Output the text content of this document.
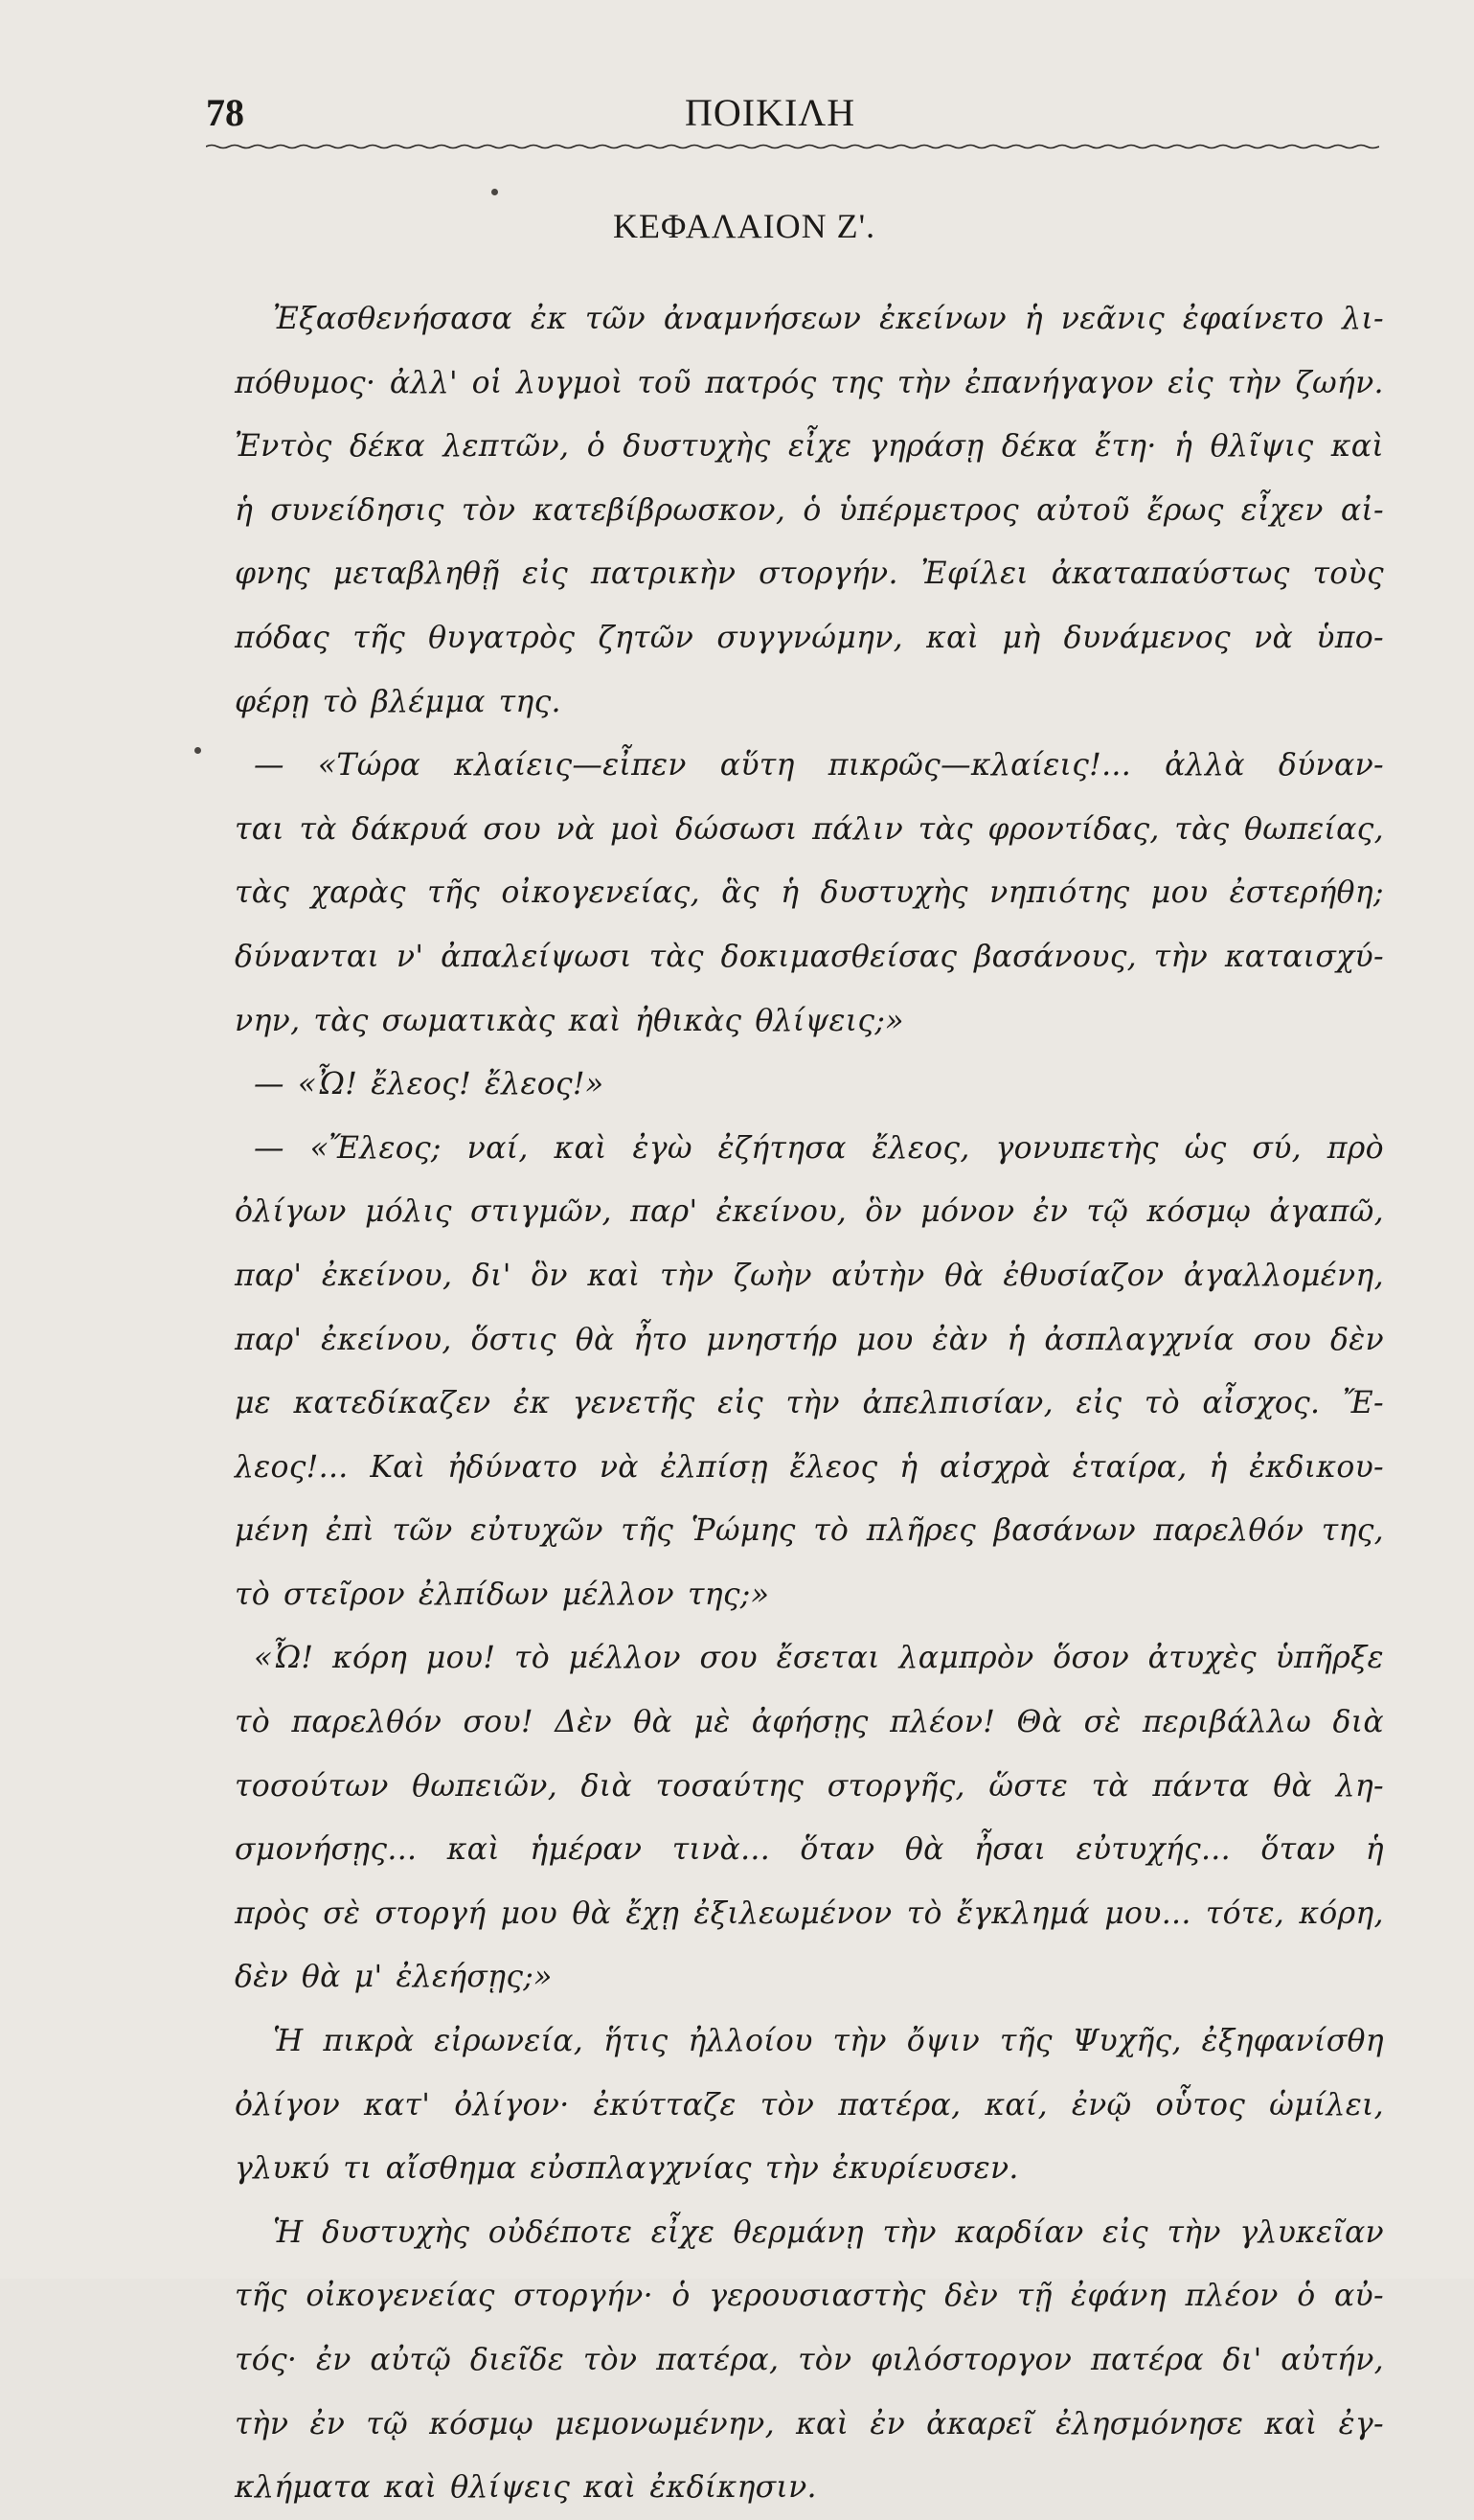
78	ΠΟΙΚΙΛΗ
ΚΕΦΑΛΑΙΟΝ Ζ'.
Ἐξασθενήσασα ἐκ τῶν ἀναμνήσεων ἐκείνων ἡ νεᾶνις ἐφαίνετο λι-
πόθυμος· ἀλλ' οἱ λυγμοὶ τοῦ πατρός της τὴν ἐπανήγαγον εἰς τὴν ζωήν.
Ἐντὸς δέκα λεπτῶν, ὁ δυστυχὴς εἶχε γηράσῃ δέκα ἔτη· ἡ θλῖψις καὶ
ἡ συνείδησις τὸν κατεβίβρωσκον, ὁ ὑπέρμετρος αὐτοῦ ἔρως εἶχεν αἰ-
φνης μεταβληθῇ εἰς πατρικὴν στοργήν. Ἐφίλει ἀκαταπαύστως τοὺς
πόδας τῆς θυγατρὸς ζητῶν συγγνώμην, καὶ μὴ δυνάμενος νὰ ὑπο-
φέρῃ τὸ βλέμμα της.
— «Τώρα κλαίεις—εἶπεν αὕτη πικρῶς—κλαίεις!... ἀλλὰ δύναν-
ται τὰ δάκρυά σου νὰ μοὶ δώσωσι πάλιν τὰς φροντίδας, τὰς θωπείας,
τὰς χαρὰς τῆς οἰκογενείας, ἃς ἡ δυστυχὴς νηπιότης μου ἐστερήθη;
δύνανται ν' ἀπαλείψωσι τὰς δοκιμασθείσας βασάνους, τὴν καταισχύ-
νην, τὰς σωματικὰς καὶ ἠθικὰς θλίψεις;»
— «Ὦ! ἔλεος! ἔλεος!»
— «Ἔλεος; ναί, καὶ ἐγὼ ἐζήτησα ἔλεος, γονυπετὴς ὡς σύ, πρὸ
ὀλίγων μόλις στιγμῶν, παρ' ἐκείνου, ὃν μόνον ἐν τῷ κόσμῳ ἀγαπῶ,
παρ' ἐκείνου, δι' ὃν καὶ τὴν ζωὴν αὐτὴν θὰ ἐθυσίαζον ἀγαλλομένη,
παρ' ἐκείνου, ὅστις θὰ ἦτο μνηστήρ μου ἐὰν ἡ ἀσπλαγχνία σου δὲν
με κατεδίκαζεν ἐκ γενετῆς εἰς τὴν ἀπελπισίαν, εἰς τὸ αἶσχος. Ἔ-
λεος!... Καὶ ἠδύνατο νὰ ἐλπίσῃ ἔλεος ἡ αἰσχρὰ ἑταίρα, ἡ ἐκδικου-
μένη ἐπὶ τῶν εὐτυχῶν τῆς Ῥώμης τὸ πλῆρες βασάνων παρελθόν της,
τὸ στεῖρον ἐλπίδων μέλλον της;»
«Ὦ! κόρη μου! τὸ μέλλον σου ἔσεται λαμπρὸν ὅσον ἀτυχὲς ὑπῆρξε
τὸ παρελθόν σου! Δὲν θὰ μὲ ἀφήσῃς πλέον! Θὰ σὲ περιβάλλω διὰ
τοσούτων θωπειῶν, διὰ τοσαύτης στοργῆς, ὥστε τὰ πάντα θὰ λη-
σμονήσῃς... καὶ ἡμέραν τινὰ... ὅταν θὰ ἦσαι εὐτυχής... ὅταν ἡ
πρὸς σὲ στοργή μου θὰ ἔχῃ ἐξιλεωμένον τὸ ἔγκλημά μου... τότε, κόρη,
δὲν θὰ μ' ἐλεήσῃς;»
Ἡ πικρὰ εἰρωνεία, ἥτις ἠλλοίου τὴν ὄψιν τῆς Ψυχῆς, ἐξηφανίσθη
ὀλίγον κατ' ὀλίγον· ἐκύτταζε τὸν πατέρα, καί, ἐνῷ οὗτος ὡμίλει,
γλυκύ τι αἴσθημα εὐσπλαγχνίας τὴν ἐκυρίευσεν.
Ἡ δυστυχὴς οὐδέποτε εἶχε θερμάνῃ τὴν καρδίαν εἰς τὴν γλυκεῖαν
τῆς οἰκογενείας στοργήν· ὁ γερουσιαστὴς δὲν τῇ ἐφάνη πλέον ὁ αὐ-
τός· ἐν αὐτῷ διεῖδε τὸν πατέρα, τὸν φιλόστοργον πατέρα δι' αὐτήν,
τὴν ἐν τῷ κόσμῳ μεμονωμένην, καὶ ἐν ἀκαρεῖ ἐλησμόνησε καὶ ἐγ-
κλήματα καὶ θλίψεις καὶ ἐκδίκησιν.
